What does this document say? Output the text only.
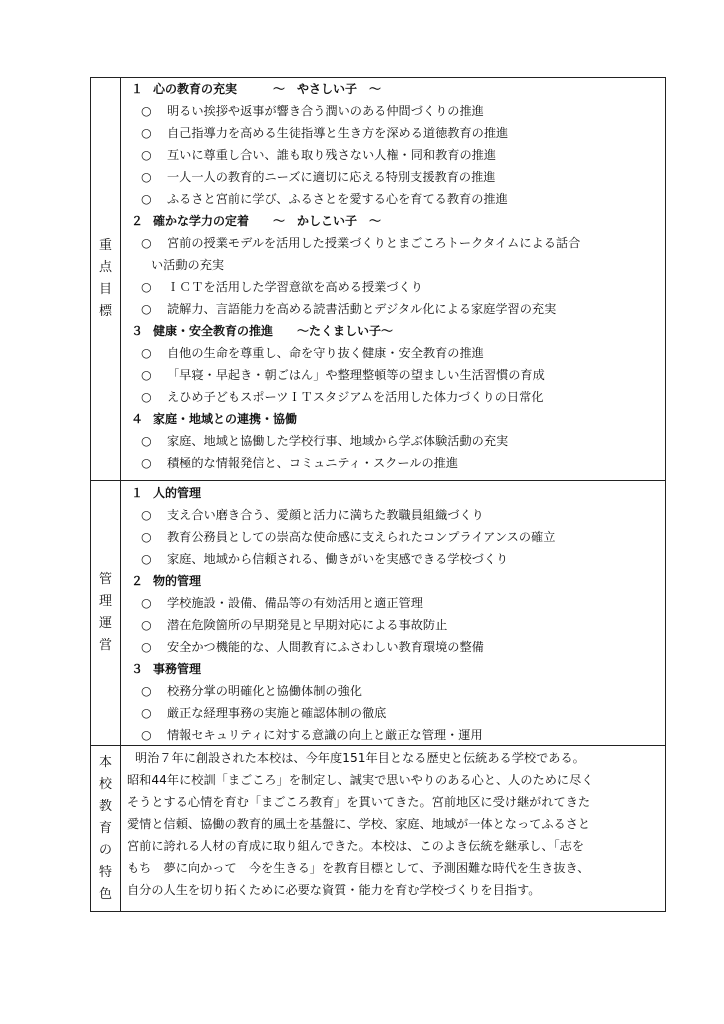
重
点
目
標
１ 心の教育の充実　　　～　やさしい子　～
○ 明るい挨拶や返事が響き合う潤いのある仲間づくりの推進
○ 自己指導力を高める生徒指導と生き方を深める道徳教育の推進
○ 互いに尊重し合い、誰も取り残さない人権・同和教育の推進
○ 一人一人の教育的ニーズに適切に応える特別支援教育の推進
○ ふるさと宮前に学び、ふるさとを愛する心を育てる教育の推進
２ 確かな学力の定着　　～　かしこい子　～
○ 宮前の授業モデルを活用した授業づくりとまごころトークタイムによる話合
い活動の充実
○ ＩＣＴを活用した学習意欲を高める授業づくり
○ 読解力、言語能力を高める読書活動とデジタル化による家庭学習の充実
３ 健康・安全教育の推進　　～たくましい子～
○ 自他の生命を尊重し、命を守り抜く健康・安全教育の推進
○ 「早寝・早起き・朝ごはん」や整理整頓等の望ましい生活習慣の育成
○ えひめ子どもスポーツＩＴスタジアムを活用した体力づくりの日常化
４ 家庭・地域との連携・協働
○ 家庭、地域と協働した学校行事、地域から学ぶ体験活動の充実
○ 積極的な情報発信と、コミュニティ・スクールの推進
管
理
運
営
１ 人的管理
○ 支え合い磨き合う、愛顔と活力に満ちた教職員組織づくり
○ 教育公務員としての崇高な使命感に支えられたコンプライアンスの確立
○ 家庭、地域から信頼される、働きがいを実感できる学校づくり
２ 物的管理
○ 学校施設・設備、備品等の有効活用と適正管理
○ 潜在危険箇所の早期発見と早期対応による事故防止
○ 安全かつ機能的な、人間教育にふさわしい教育環境の整備
３ 事務管理
○ 校務分掌の明確化と協働体制の強化
○ 厳正な経理事務の実施と確認体制の徹底
○ 情報セキュリティに対する意識の向上と厳正な管理・運用
本
校
教
育
の
特
色
明治７年に創設された本校は、今年度151年目となる歴史と伝統ある学校である。
昭和44年に校訓「まごころ」を制定し、誠実で思いやりのある心と、人のために尽く
そうとする心情を育む「まごころ教育」を貫いてきた。宮前地区に受け継がれてきた
愛情と信頼、協働の教育的風土を基盤に、学校、家庭、地域が一体となってふるさと
宮前に誇れる人材の育成に取り組んできた。本校は、このよき伝統を継承し、「志を
もち　夢に向かって　今を生きる」を教育目標として、予測困難な時代を生き抜き、
自分の人生を切り拓くために必要な資質・能力を育む学校づくりを目指す。
